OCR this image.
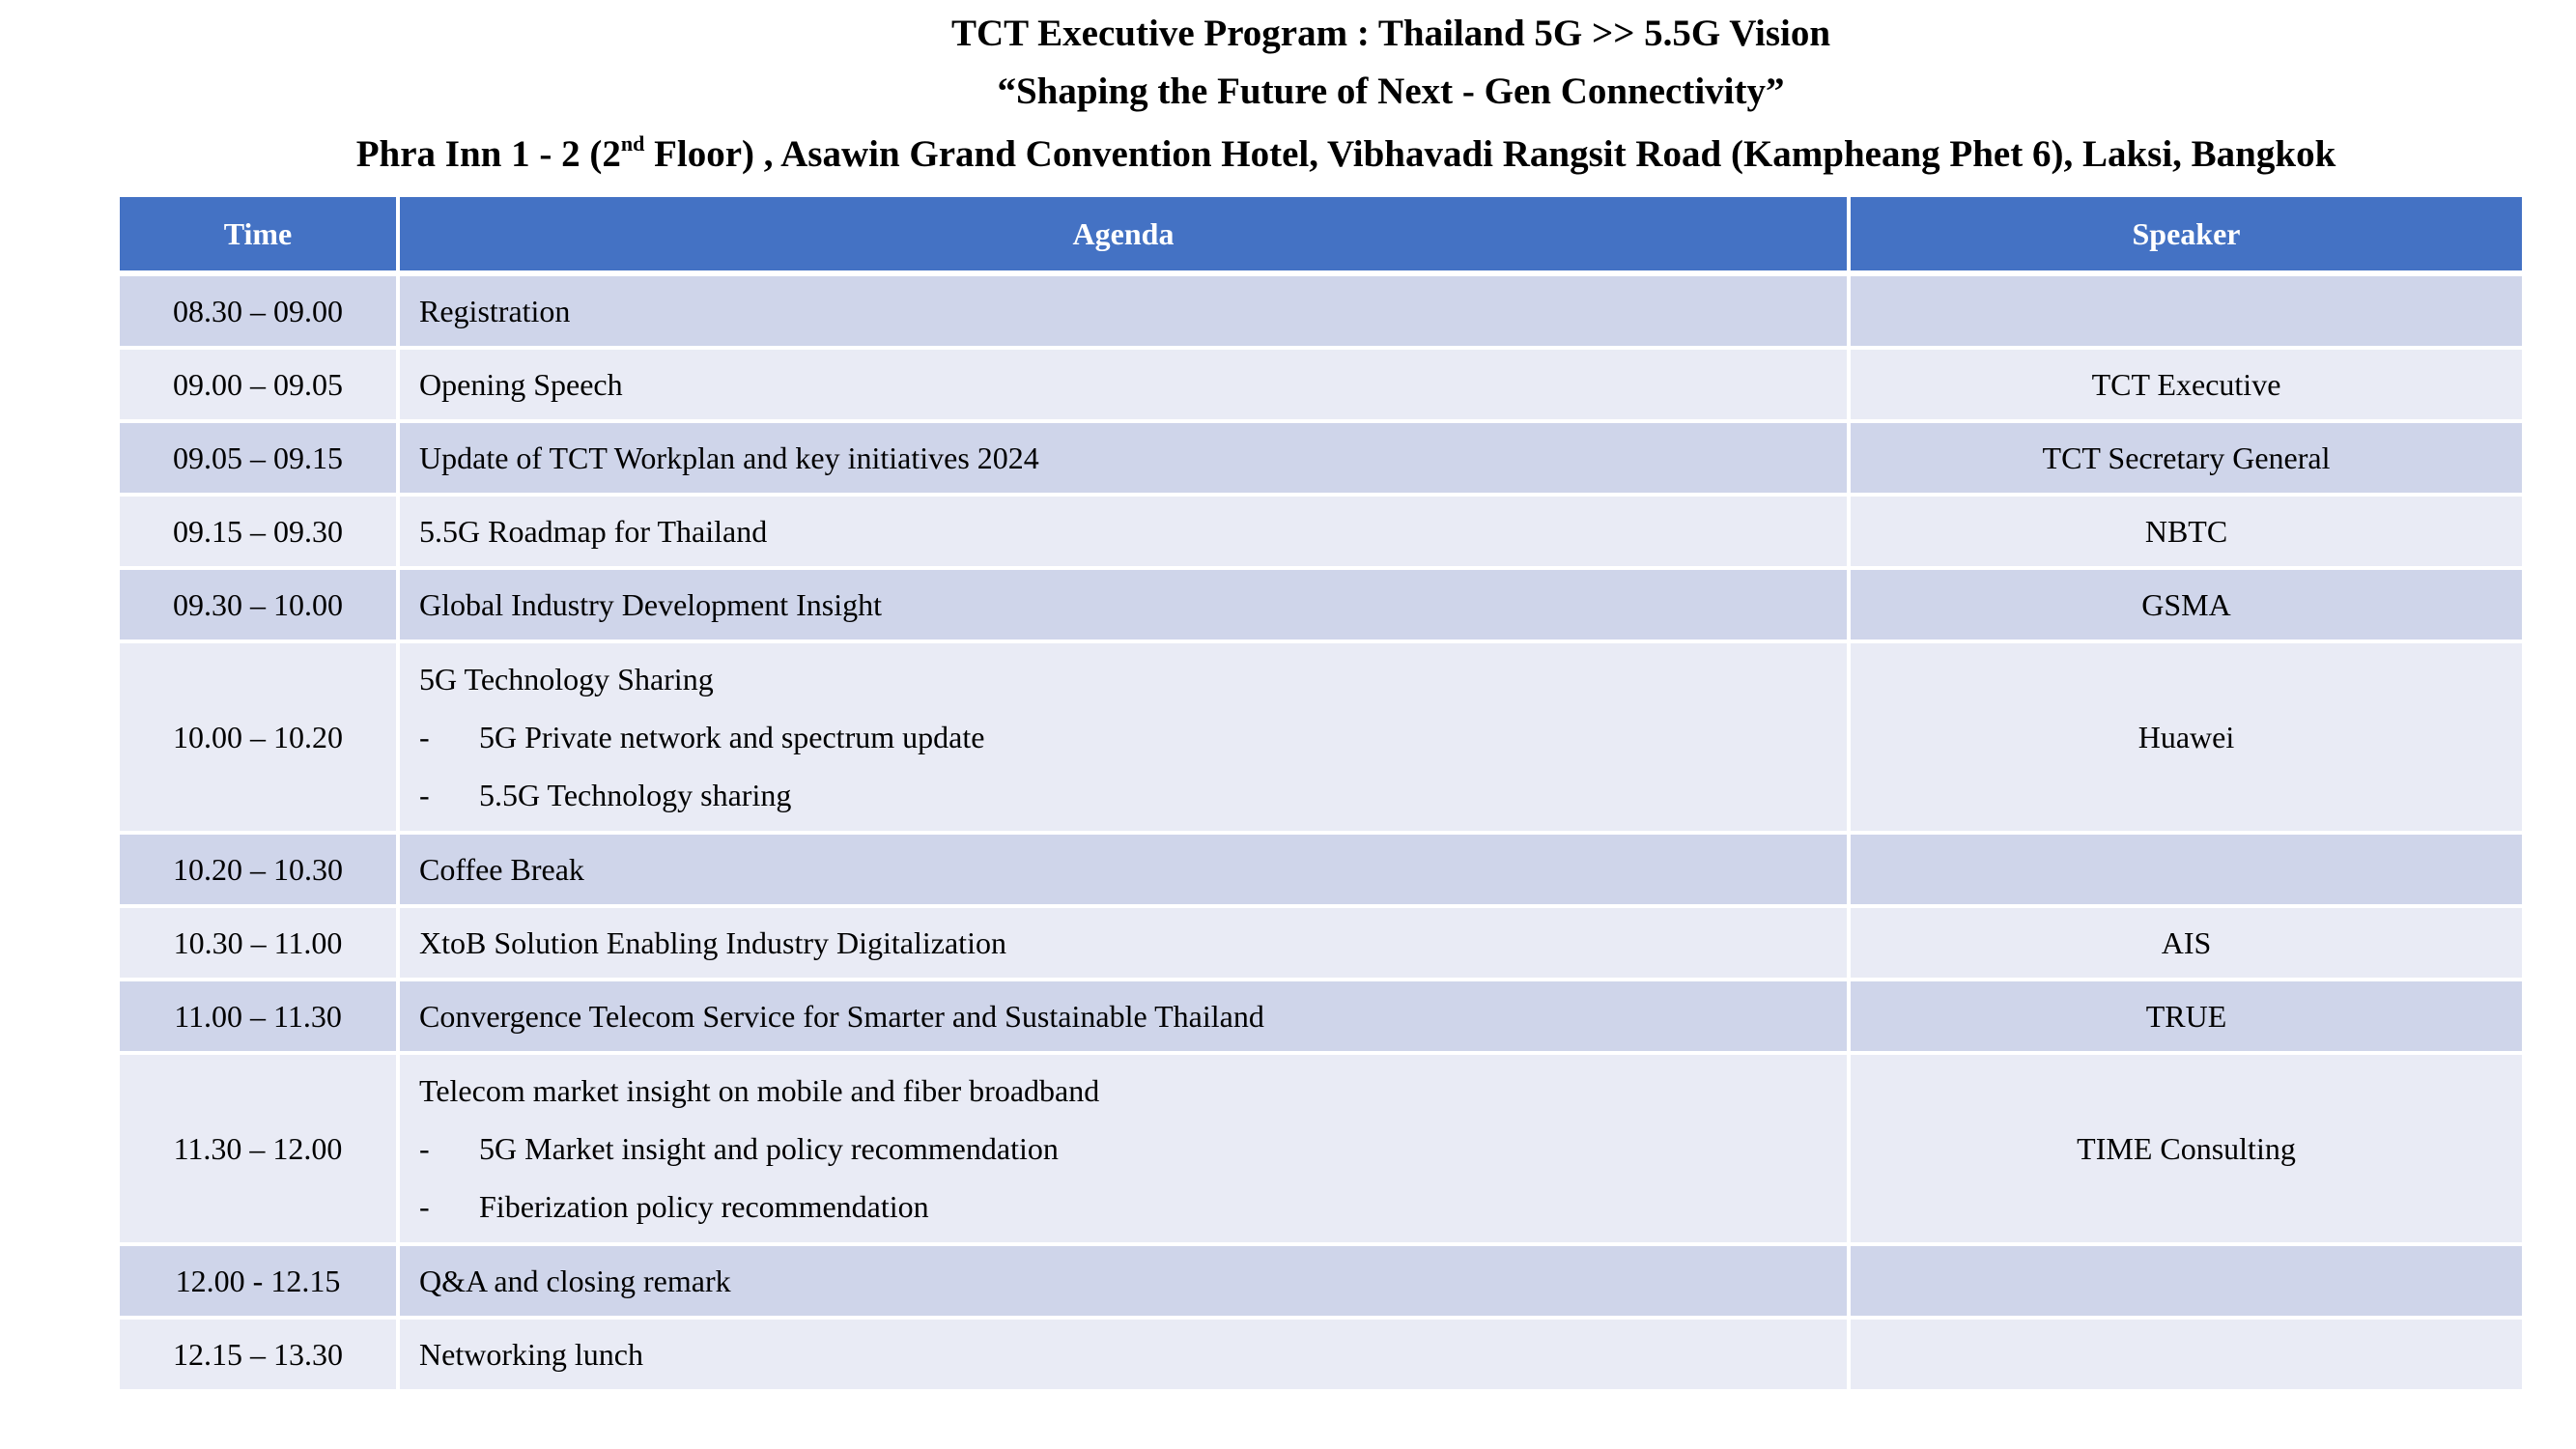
TCT Executive Program : Thailand 5G >> 5.5G Vision
“Shaping the Future of Next - Gen Connectivity”
Phra Inn 1 - 2 (2nd Floor) , Asawin Grand Convention Hotel, Vibhavadi Rangsit Road (Kampheang Phet 6), Laksi, Bangkok
Time	Agenda	Speaker
08.30 – 09.00	Registration	
09.00 – 09.05	Opening Speech	TCT Executive
09.05 – 09.15	Update of TCT Workplan and key initiatives 2024	TCT Secretary General
09.15 – 09.30	5.5G Roadmap for Thailand	NBTC
09.30 – 10.00	Global Industry Development Insight	GSMA
10.00 – 10.20	5G Technology Sharing
- 5G Private network and spectrum update
- 5.5G Technology sharing	Huawei
10.20 – 10.30	Coffee Break	
10.30 – 11.00	XtoB Solution Enabling Industry Digitalization	AIS
11.00 – 11.30	Convergence Telecom Service for Smarter and Sustainable Thailand	TRUE
11.30 – 12.00	Telecom market insight on mobile and fiber broadband
- 5G Market insight and policy recommendation
- Fiberization policy recommendation	TIME Consulting
12.00 - 12.15	Q&A and closing remark	
12.15 – 13.30	Networking lunch	
